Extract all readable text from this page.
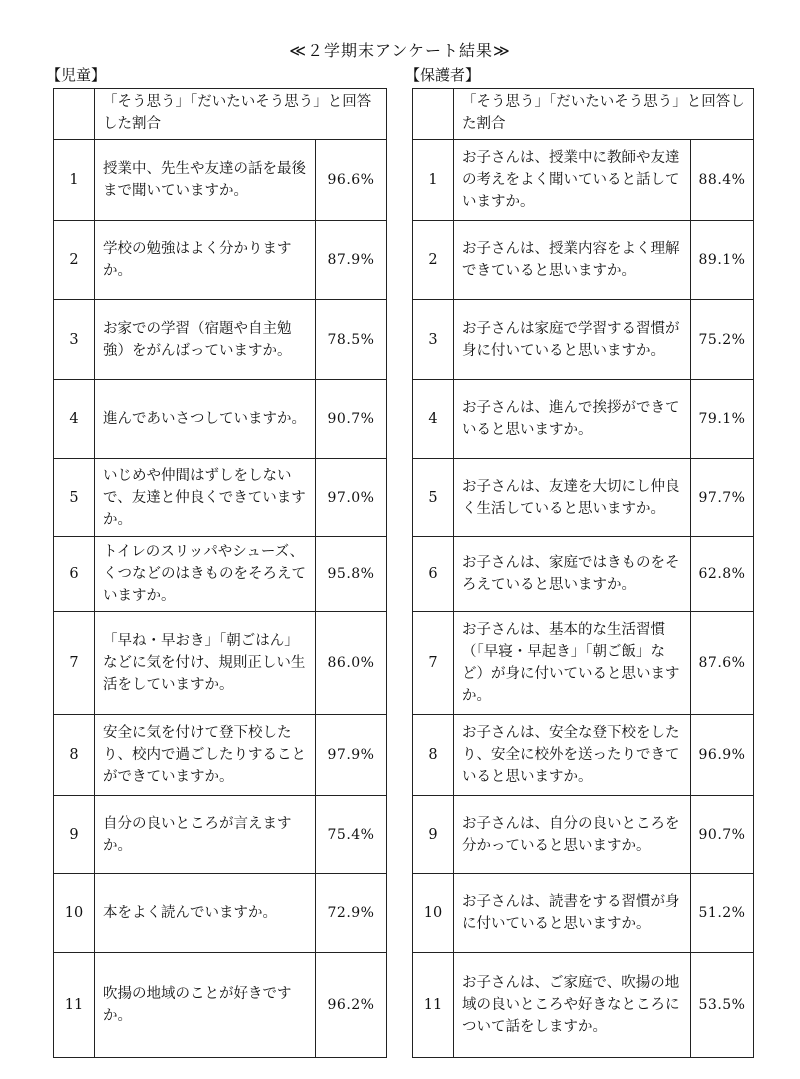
≪２学期末アンケート結果≫
【児童】	【保護者】
	「そう思う」「だいたいそう思う」と回答した割合	
1	授業中、先生や友達の話を最後まで聞いていますか。	96.6%
2	学校の勉強はよく分かりますか。	87.9%
3	お家での学習（宿題や自主勉強）をがんばっていますか。	78.5%
4	進んであいさつしていますか。	90.7%
5	いじめや仲間はずしをしないで、友達と仲良くできていますか。	97.0%
6	トイレのスリッパやシューズ、くつなどのはきものをそろえていますか。	95.8%
7	「早ね・早おき」「朝ごはん」などに気を付け、規則正しい生活をしていますか。	86.0%
8	安全に気を付けて登下校したり、校内で過ごしたりすることができていますか。	97.9%
9	自分の良いところが言えますか。	75.4%
10	本をよく読んでいますか。	72.9%
11	吹揚の地域のことが好きですか。	96.2%
	「そう思う」「だいたいそう思う」と回答した割合	
1	お子さんは、授業中に教師や友達の考えをよく聞いていると話していますか。	88.4%
2	お子さんは、授業内容をよく理解できていると思いますか。	89.1%
3	お子さんは家庭で学習する習慣が身に付いていると思いますか。	75.2%
4	お子さんは、進んで挨拶ができていると思いますか。	79.1%
5	お子さんは、友達を大切にし仲良く生活していると思いますか。	97.7%
6	お子さんは、家庭ではきものをそろえていると思いますか。	62.8%
7	お子さんは、基本的な生活習慣（「早寝・早起き」「朝ご飯」など）が身に付いていると思いますか。	87.6%
8	お子さんは、安全な登下校をしたり、安全に校外を送ったりできていると思いますか。	96.9%
9	お子さんは、自分の良いところを分かっていると思いますか。	90.7%
10	お子さんは、読書をする習慣が身に付いていると思いますか。	51.2%
11	お子さんは、ご家庭で、吹揚の地域の良いところや好きなところについて話をしますか。	53.5%
